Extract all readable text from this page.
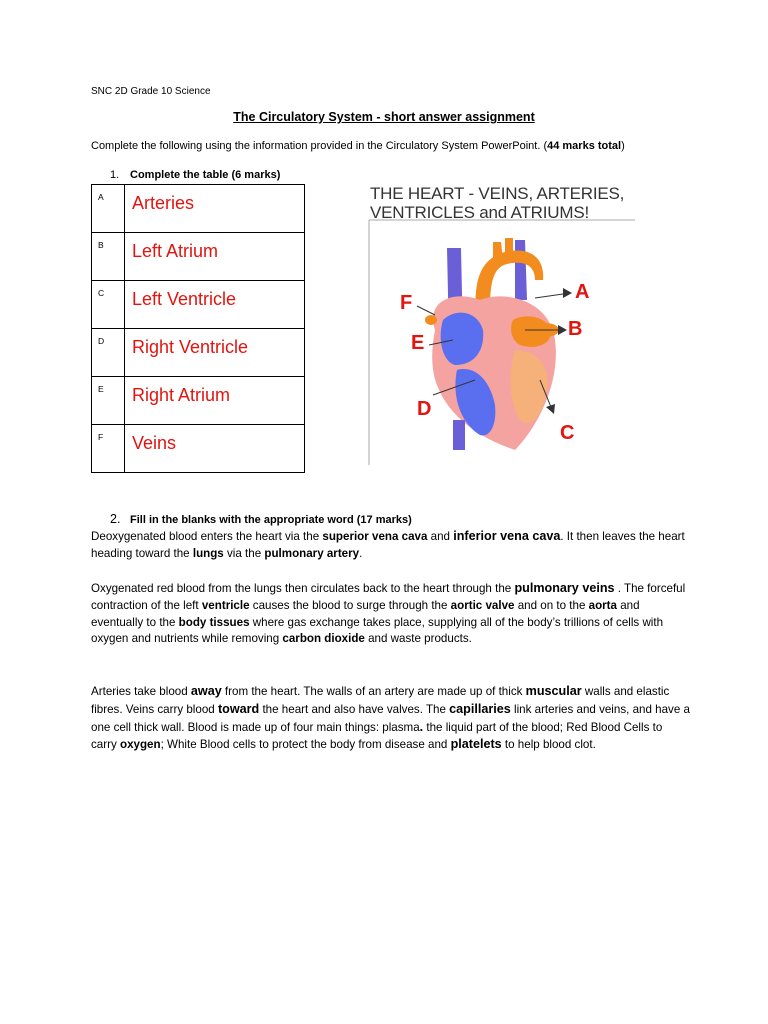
SNC 2D Grade 10 Science
The Circulatory System - short answer assignment
Complete the following using the information provided in the Circulatory System PowerPoint. (44 marks total)
1. Complete the table (6 marks)
A	Arteries
B	Left Atrium
C	Left Ventricle
D	Right Ventricle
E	Right Atrium
F	Veins
THE HEART - VEINS, ARTERIES,
VENTRICLES and ATRIUMS!
A
B
C
D
E
F
2. Fill in the blanks with the appropriate word (17 marks)
Deoxygenated blood enters the heart via the superior vena cava and inferior vena cava. It then leaves the heart heading toward the lungs via the pulmonary artery.
Oxygenated red blood from the lungs then circulates back to the heart through the pulmonary veins . The forceful contraction of the left ventricle causes the blood to surge through the aortic valve and on to the aorta and eventually to the body tissues where gas exchange takes place, supplying all of the body’s trillions of cells with oxygen and nutrients while removing carbon dioxide and waste products.
Arteries take blood away from the heart. The walls of an artery are made up of thick muscular walls and elastic fibres. Veins carry blood toward the heart and also have valves. The capillaries link arteries and veins, and have a one cell thick wall. Blood is made up of four main things: plasma. the liquid part of the blood; Red Blood Cells to carry oxygen; White Blood cells to protect the body from disease and platelets to help blood clot.
